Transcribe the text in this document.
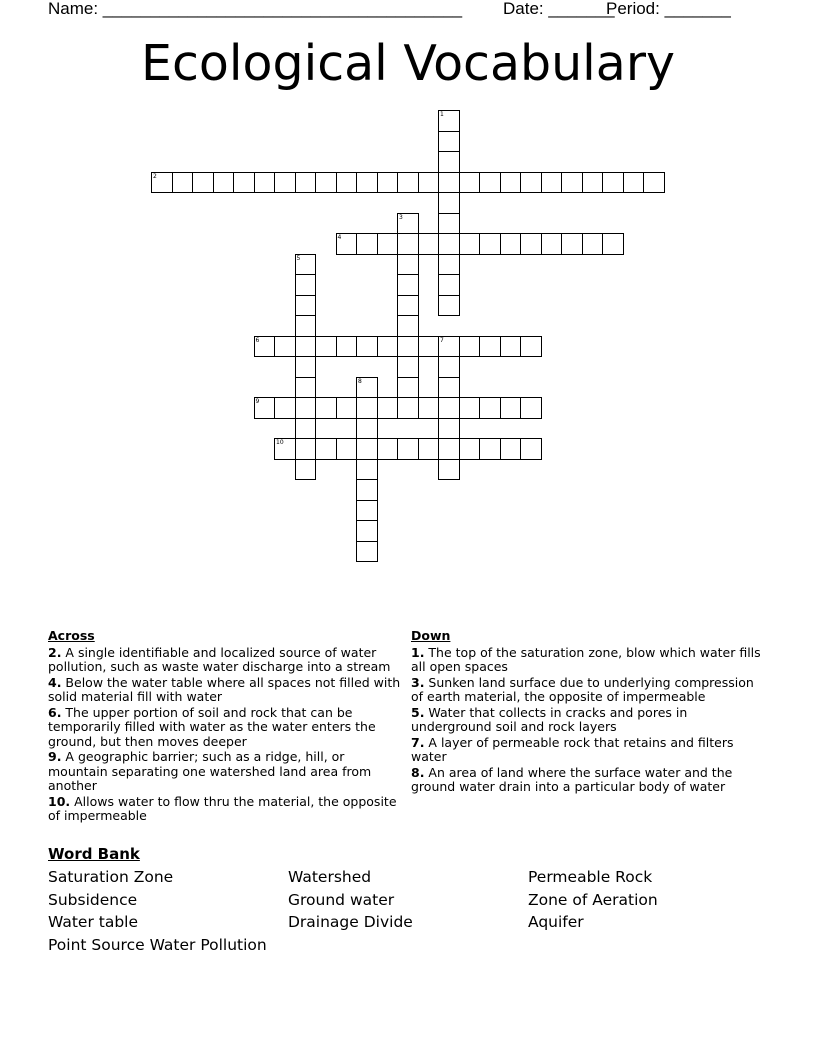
Name: ______________________________________ Date: _______
Period: _______
Ecological Vocabulary
1
2
3
4
5
6	7
8
9
10
Across
2. A single identifiable and localized source of water pollution, such as waste water discharge into a stream
4. Below the water table where all spaces not filled with solid material fill with water
6. The upper portion of soil and rock that can be temporarily filled with water as the water enters the ground, but then moves deeper
9. A geographic barrier; such as a ridge, hill, or mountain separating one watershed land area from another
10. Allows water to flow thru the material, the opposite of impermeable
Down
1. The top of the saturation zone, blow which water fills all open spaces
3. Sunken land surface due to underlying compression of earth material, the opposite of impermeable
5. Water that collects in cracks and pores in underground soil and rock layers
7. A layer of permeable rock that retains and filters water
8. An area of land where the surface water and the ground water drain into a particular body of water
Word Bank
Saturation Zone
Subsidence
Water table
Point Source Water Pollution
Watershed
Ground water
Drainage Divide
Permeable Rock
Zone of Aeration
Aquifer
